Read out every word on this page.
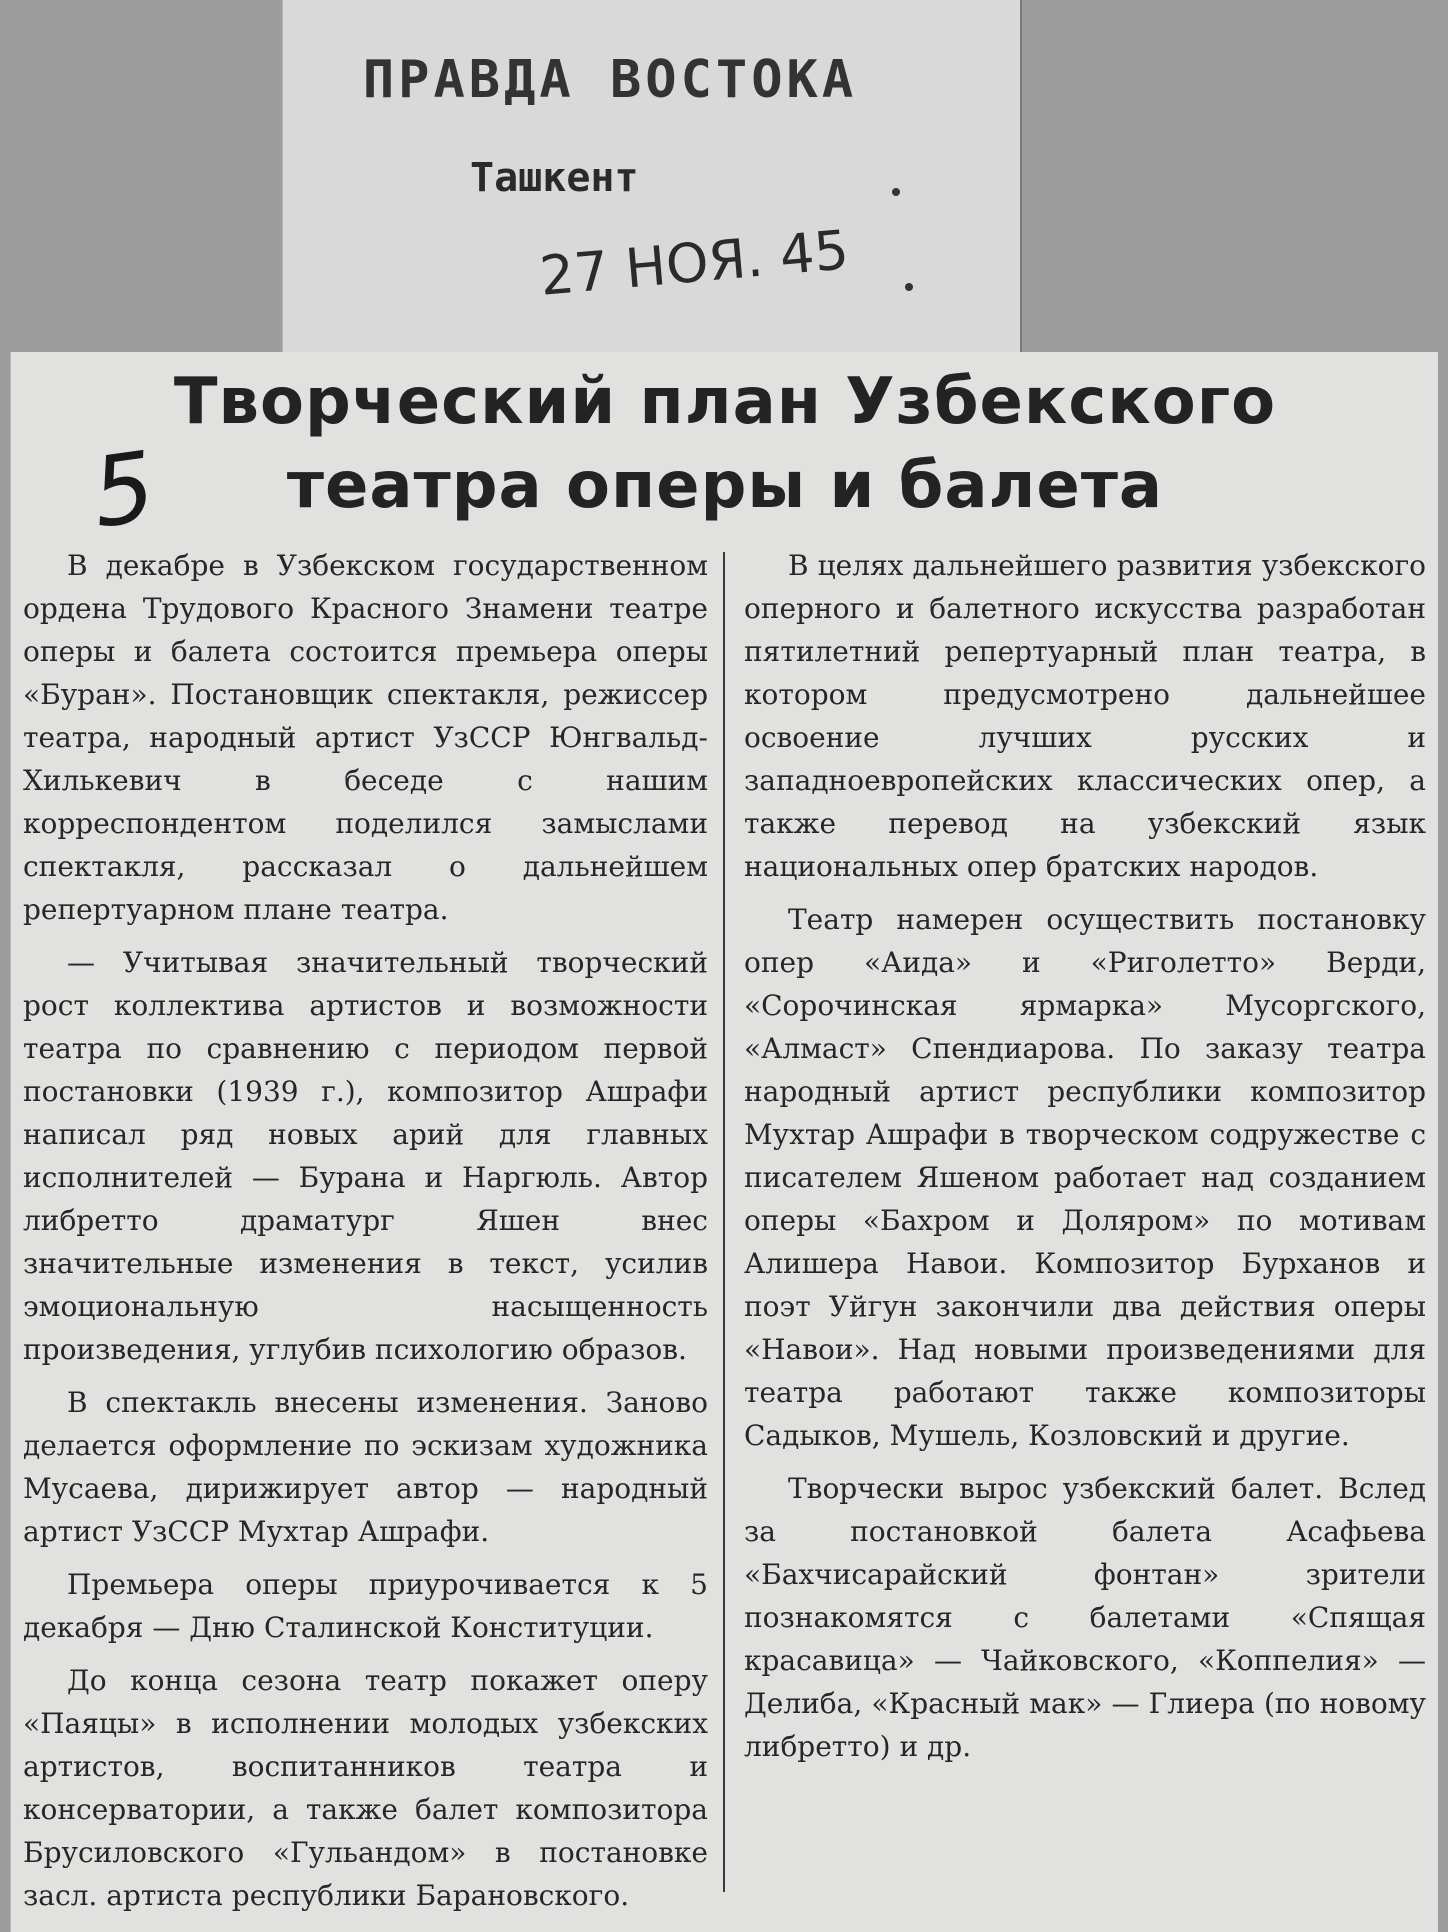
ПРАВДА ВОСТОКА
Ташкент
27 НОЯ. 45
Творческий план Узбекского
театра оперы и балета
5

В декабре в Узбекском государственном ордена Трудового Красного Знамени театре оперы и балета состоится премьера оперы «Буран». Постановщик спектакля, режиссер театра, народный артист УзССР Юнгвальд-Хилькевич в беседе с нашим корреспондентом поделился замыслами спектакля, рассказал о дальнейшем репертуарном плане театра.

— Учитывая значительный творческий рост коллектива артистов и возможности театра по сравнению с периодом первой постановки (1939 г.), композитор Ашрафи написал ряд новых арий для главных исполнителей — Бурана и Наргюль. Автор либретто драматург Яшен внес значительные изменения в текст, усилив эмоциональную насыщенность произведения, углубив психологию образов.

В спектакль внесены изменения. Заново делается оформление по эскизам художника Мусаева, дирижирует автор — народный артист УзССР Мухтар Ашрафи.

Премьера оперы приурочивается к 5 декабря — Дню Сталинской Конституции.

До конца сезона театр покажет оперу «Паяцы» в исполнении молодых узбекских артистов, воспитанников театра и консерватории, а также балет композитора Брусиловского «Гульандом» в постановке засл. артиста республики Барановского.

В целях дальнейшего развития узбекского оперного и балетного искусства разработан пятилетний репертуарный план театра, в котором предусмотрено дальнейшее освоение лучших русских и западноевропейских классических опер, а также перевод на узбекский язык национальных опер братских народов.

Театр намерен осуществить постановку опер «Аида» и «Риголетто» Верди, «Сорочинская ярмарка» Мусоргского, «Алмаст» Спендиарова. По заказу театра народный артист республики композитор Мухтар Ашрафи в творческом содружестве с писателем Яшеном работает над созданием оперы «Бахром и Доляром» по мотивам Алишера Навои. Композитор Бурханов и поэт Уйгун закончили два действия оперы «Навои». Над новыми произведениями для театра работают также композиторы Садыков, Мушель, Козловский и другие.

Творчески вырос узбекский балет. Вслед за постановкой балета Асафьева «Бахчисарайский фонтан» зрители познакомятся с балетами «Спящая красавица» — Чайковского, «Коппелия» — Делиба, «Красный мак» — Глиера (по новому либретто) и др.
